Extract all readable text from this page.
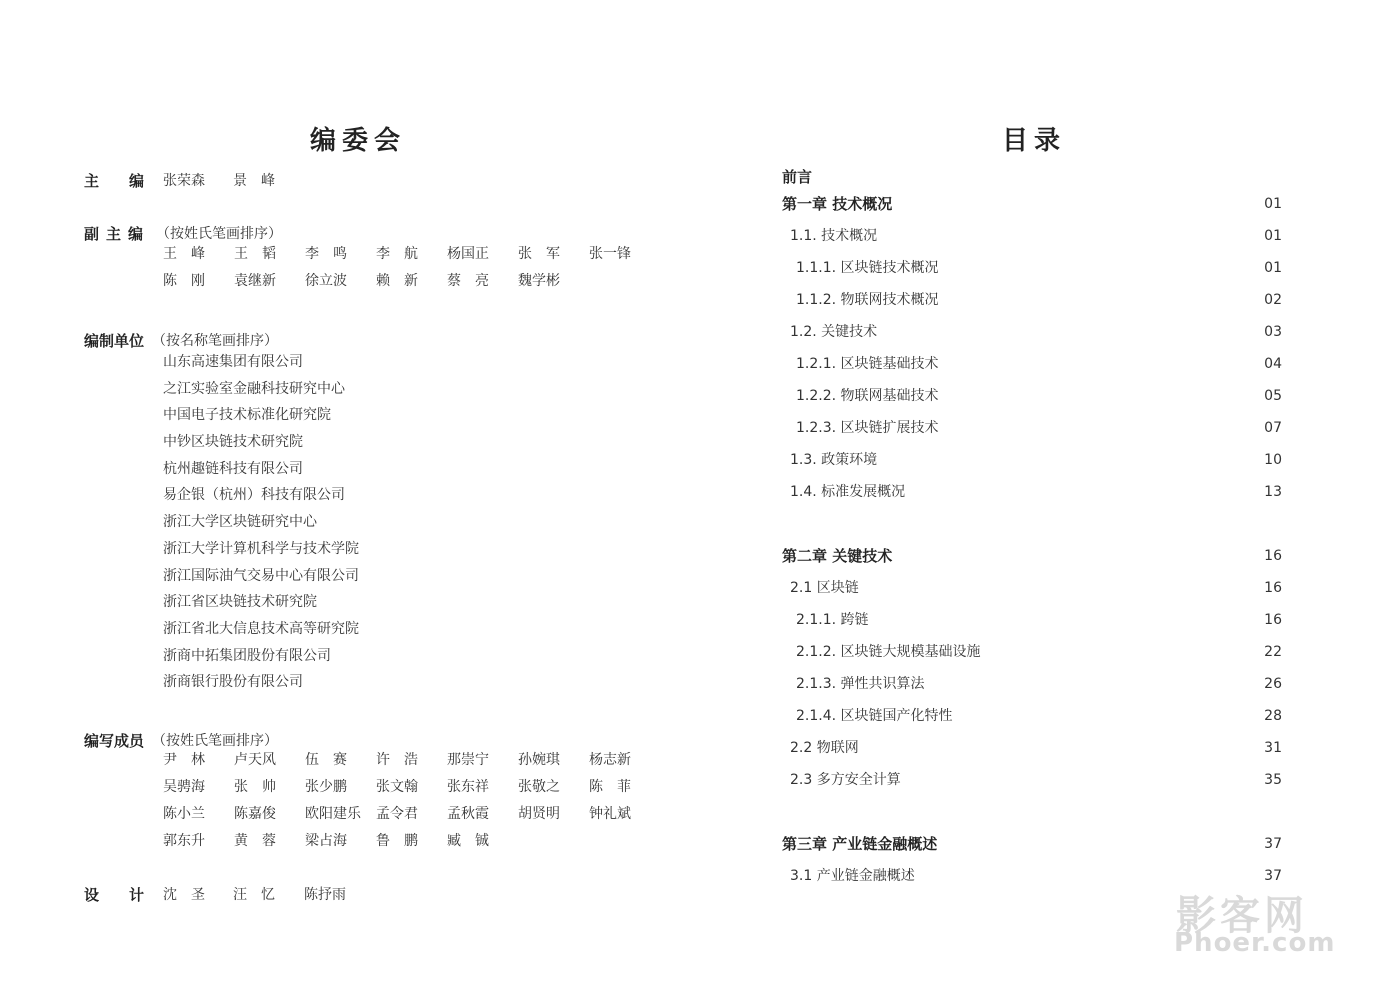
编委会
主　　编 张荣森 景　峰
副主编 （按姓氏笔画排序）
王　峰	王　韬	李　鸣	李　航	杨国正	张　军	张一锋
陈　刚	袁继新	徐立波	赖　新	蔡　亮	魏学彬
编制单位 （按名称笔画排序）
山东高速集团有限公司
之江实验室金融科技研究中心
中国电子技术标准化研究院
中钞区块链技术研究院
杭州趣链科技有限公司
易企银（杭州）科技有限公司
浙江大学区块链研究中心
浙江大学计算机科学与技术学院
浙江国际油气交易中心有限公司
浙江省区块链技术研究院
浙江省北大信息技术高等研究院
浙商中拓集团股份有限公司
浙商银行股份有限公司
编写成员 （按姓氏笔画排序）
尹　林	卢天风	伍　赛	许　浩	那崇宁	孙婉琪	杨志新
吴骋海	张　帅	张少鹏	张文翰	张东祥	张敬之	陈　菲
陈小兰	陈嘉俊	欧阳建乐	孟令君	孟秋霞	胡贤明	钟礼斌
郭东升	黄　蓉	梁占海	鲁　鹏	臧　铖
设　　计 沈　圣 汪　忆 陈抒雨
目录
前言
第一章 技术概况	01
1.1. 技术概况	01
1.1.1. 区块链技术概况	01
1.1.2. 物联网技术概况	02
1.2. 关键技术	03
1.2.1. 区块链基础技术	04
1.2.2. 物联网基础技术	05
1.2.3. 区块链扩展技术	07
1.3. 政策环境	10
1.4. 标准发展概况	13
第二章 关键技术	16
2.1 区块链	16
2.1.1. 跨链	16
2.1.2. 区块链大规模基础设施	22
2.1.3. 弹性共识算法	26
2.1.4. 区块链国产化特性	28
2.2 物联网	31
2.3 多方安全计算	35
第三章 产业链金融概述	37
3.1 产业链金融概述	37
影客网
Phoer.com
